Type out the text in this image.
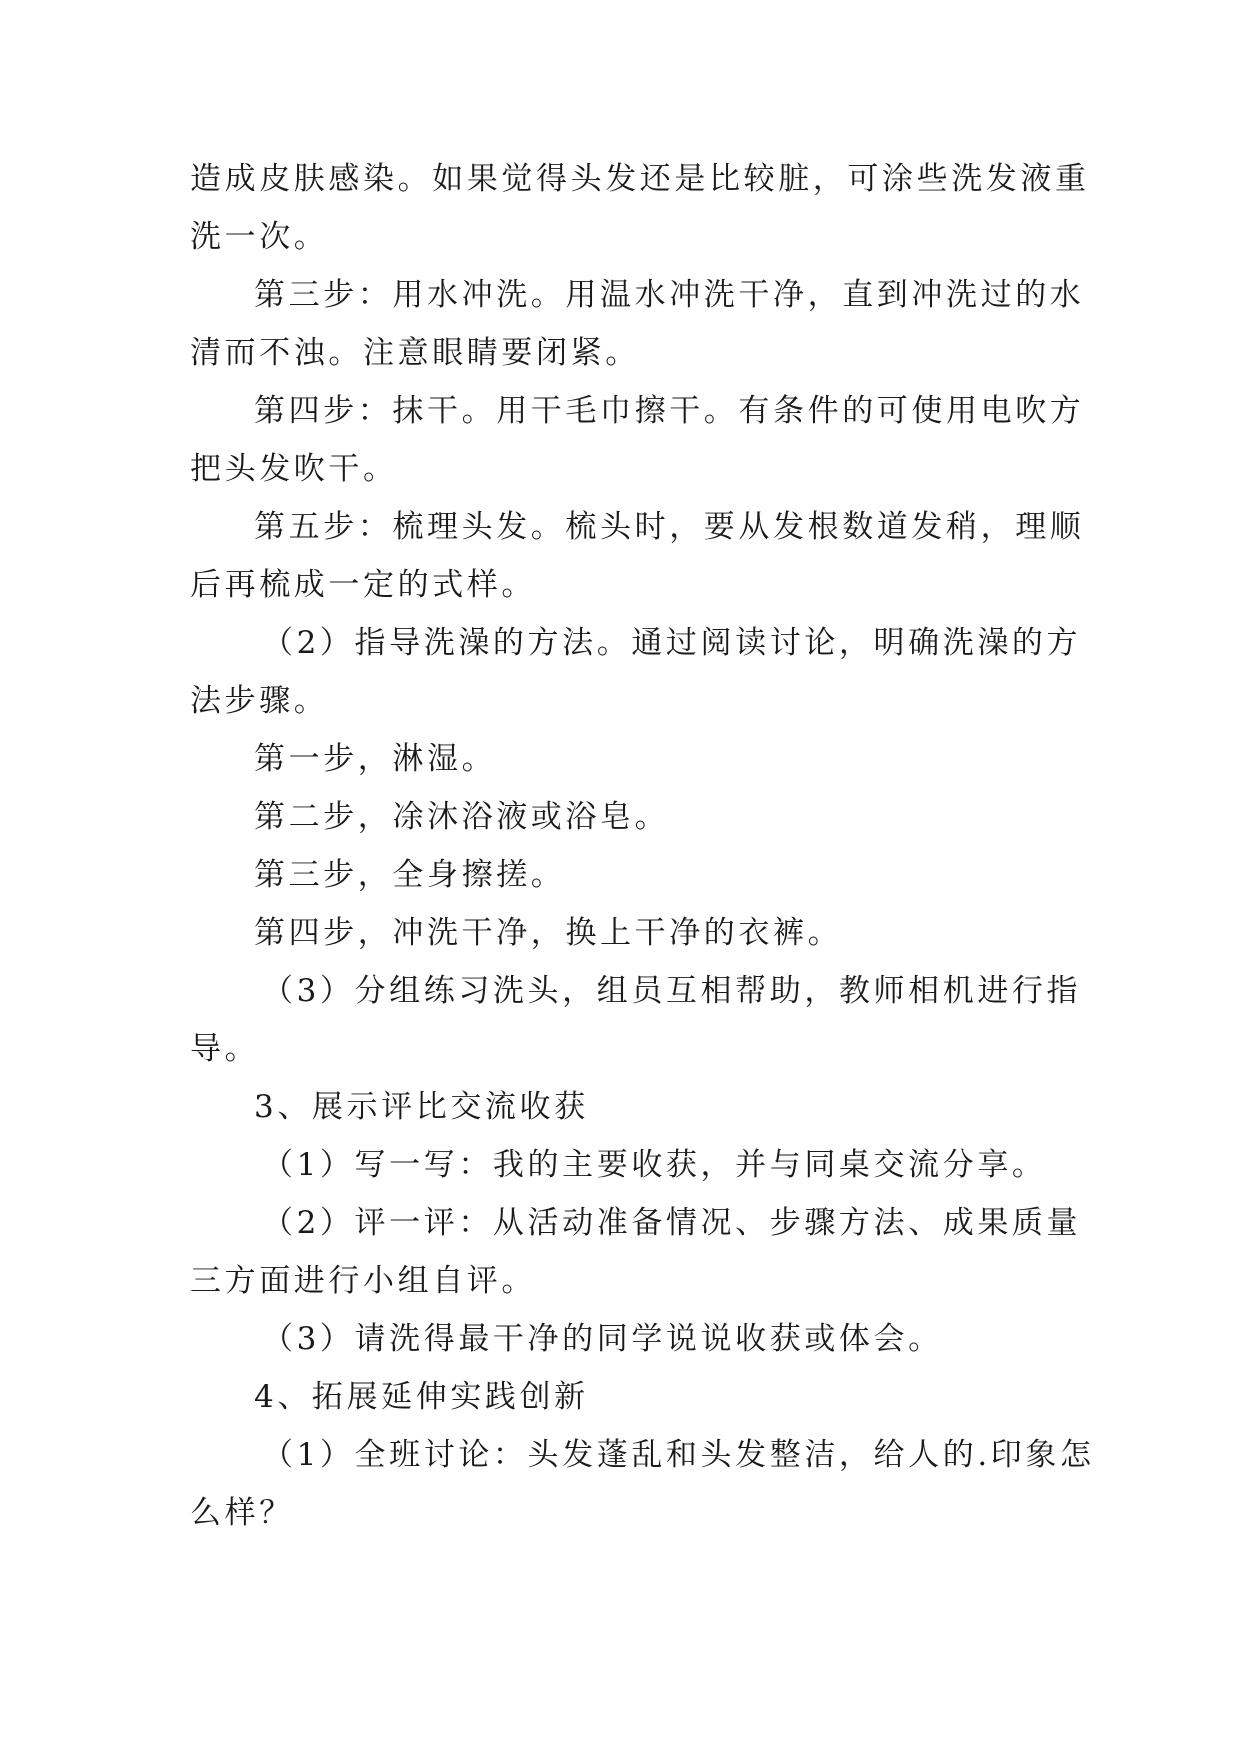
造成皮肤感染。如果觉得头发还是比较脏，可涂些洗发液重
洗一次。
第三步：用水冲洗。用温水冲洗干净，直到冲洗过的水
清而不浊。注意眼睛要闭紧。
第四步：抹干。用干毛巾擦干。有条件的可使用电吹方
把头发吹干。
第五步：梳理头发。梳头时，要从发根数道发稍，理顺
后再梳成一定的式样。
（2）指导洗澡的方法。通过阅读讨论，明确洗澡的方
法步骤。
第一步，淋湿。
第二步，凃沐浴液或浴皂。
第三步，全身擦搓。
第四步，冲洗干净，换上干净的衣裤。
（3）分组练习洗头，组员互相帮助，教师相机进行指
导。
3、展示评比交流收获
（1）写一写：我的主要收获，并与同桌交流分享。
（2）评一评：从活动准备情况、步骤方法、成果质量
三方面进行小组自评。
（3）请洗得最干净的同学说说收获或体会。
4、拓展延伸实践创新
（1）全班讨论：头发蓬乱和头发整洁，给人的.印象怎
么样？
